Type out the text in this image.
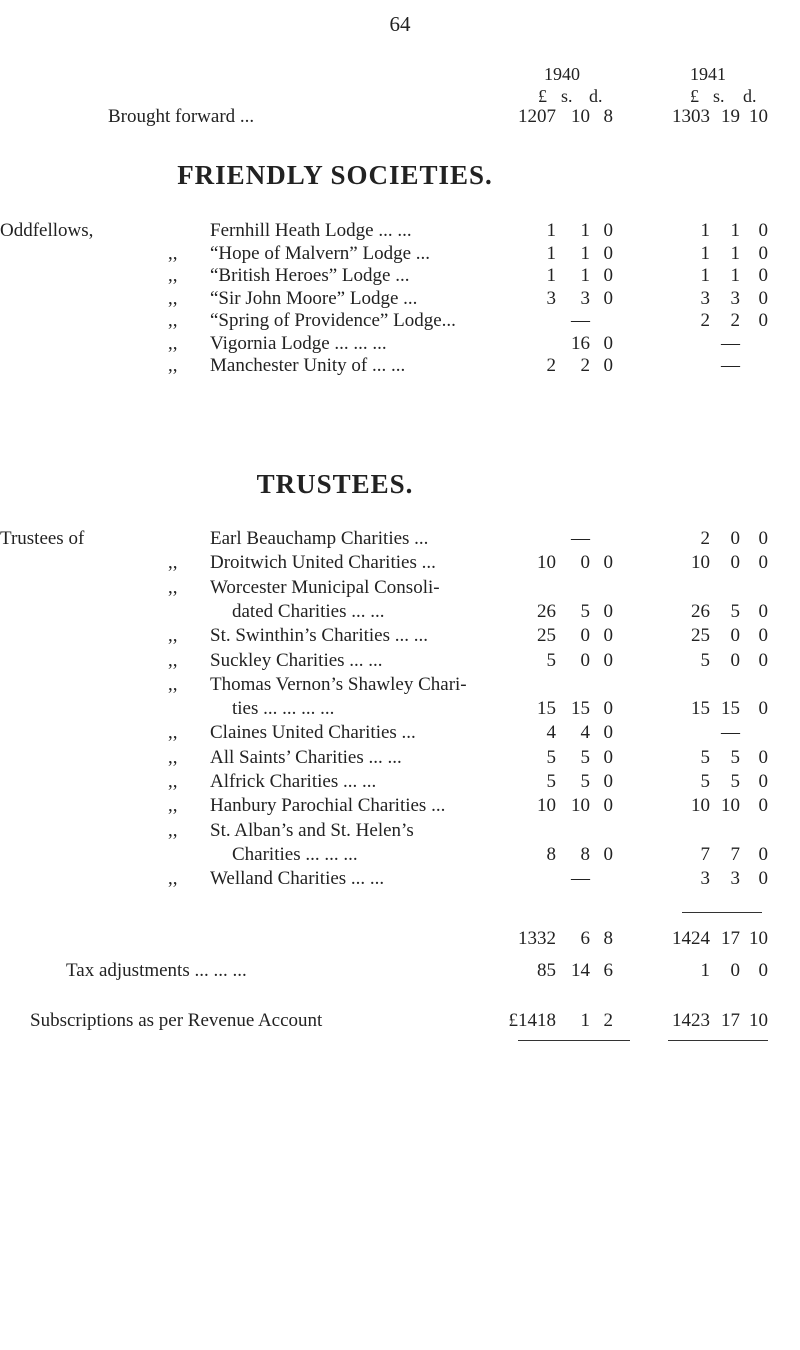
64
1940	1941
£ s. d.	£ s. d.
Brought forward ...	1207 10 8	1303 19 10
FRIENDLY SOCIETIES.
Oddfellows,	Fernhill Heath Lodge ... ...	1 1 0	1 1 0
,, “Hope of Malvern” Lodge ...	1 1 0	1 1 0
,, “British Heroes” Lodge ...	1 1 0	1 1 0
,, “Sir John Moore” Lodge ...	3 3 0	3 3 0
,, “Spring of Providence” Lodge...	—	2 2 0
,, Vigornia Lodge ... ... ...	16 0	—
,, Manchester Unity of ... ...	2 2 0	—
TRUSTEES.
Trustees of	Earl Beauchamp Charities ...	—	2 0 0
,, Droitwich United Charities ...	10 0 0	10 0 0
,, Worcester Municipal Consoli-
dated Charities ... ...	26 5 0	26 5 0
,, St. Swinthin’s Charities ... ...	25 0 0	25 0 0
,, Suckley Charities ... ...	5 0 0	5 0 0
,, Thomas Vernon’s Shawley Chari-
ties ... ... ... ...	15 15 0	15 15 0
,, Claines United Charities ...	4 4 0	—
,, All Saints’ Charities ... ...	5 5 0	5 5 0
,, Alfrick Charities ... ...	5 5 0	5 5 0
,, Hanbury Parochial Charities ...	10 10 0	10 10 0
,, St. Alban’s and St. Helen’s
Charities ... ... ...	8 8 0	7 7 0
,, Welland Charities ... ...	—	3 3 0
1332 6 8	1424 17 10
Tax adjustments ... ... ...	85 14 6	1 0 0
Subscriptions as per Revenue Account	£1418 1 2	1423 17 10
